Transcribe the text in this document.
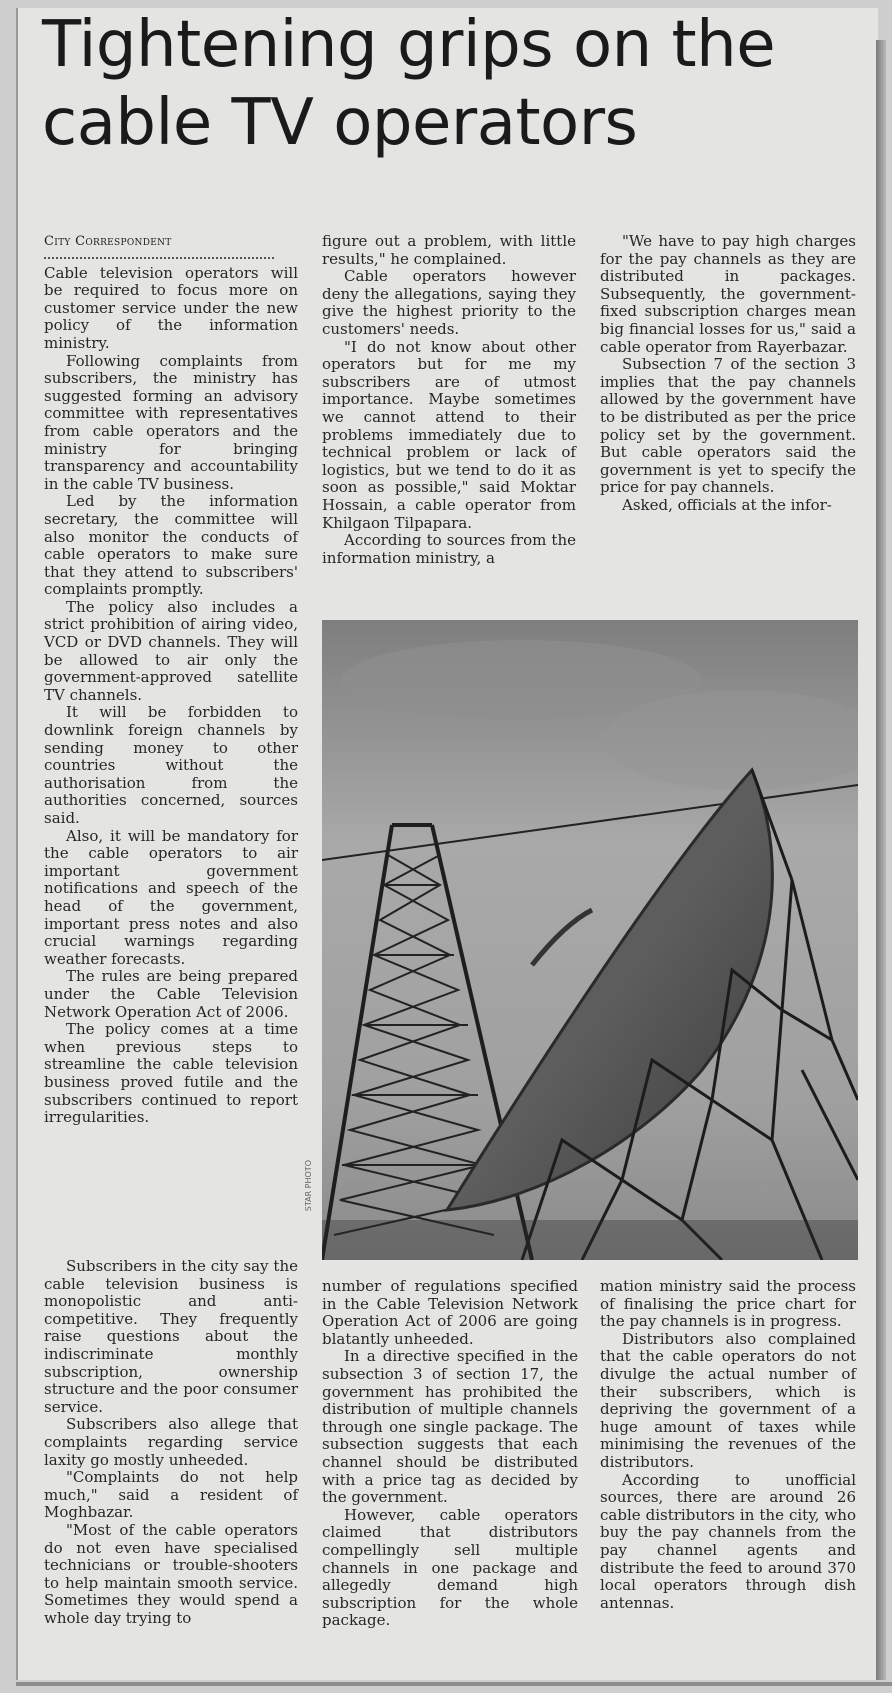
Tightening grips on the cable TV operators
City Correspondent

Cable television operators will be required to focus more on customer service under the new policy of the information ministry.

Following complaints from subscribers, the ministry has suggested forming an advisory committee with representatives from cable operators and the ministry for bringing transparency and accountability in the cable TV business.

Led by the information secretary, the committee will also monitor the conducts of cable operators to make sure that they attend to subscribers' complaints promptly.

The policy also includes a strict prohibition of airing video, VCD or DVD channels. They will be allowed to air only the government-approved satellite TV channels.

It will be forbidden to downlink foreign channels by sending money to other countries without the authorisation from the authorities concerned, sources said.

Also, it will be mandatory for the cable operators to air important government notifications and speech of the head of the government, important press notes and also crucial warnings regarding weather forecasts.

The rules are being prepared under the Cable Television Network Operation Act of 2006.

The policy comes at a time when previous steps to streamline the cable television business proved futile and the subscribers continued to report irregularities.

Subscribers in the city say the cable television business is monopolistic and anti-competitive. They frequently raise questions about the indiscriminate monthly subscription, ownership structure and the poor consumer service.

Subscribers also allege that complaints regarding service laxity go mostly unheeded.

"Complaints do not help much," said a resident of Moghbazar.

"Most of the cable operators do not even have specialised technicians or trouble-shooters to help maintain smooth service. Sometimes they would spend a whole day trying to

figure out a problem, with little results," he complained.

Cable operators however deny the allegations, saying they give the highest priority to the customers' needs.

"I do not know about other operators but for me my subscribers are of utmost importance. Maybe sometimes we cannot attend to their problems immediately due to technical problem or lack of logistics, but we tend to do it as soon as possible," said Moktar Hossain, a cable operator from Khilgaon Tilpapara.

According to sources from the information ministry, a

"We have to pay high charges for the pay channels as they are distributed in packages. Subsequently, the government-fixed subscription charges mean big financial losses for us," said a cable operator from Rayerbazar.

Subsection 7 of the section 3 implies that the pay channels allowed by the government have to be distributed as per the price policy set by the government. But cable operators said the government is yet to specify the price for pay channels.

Asked, officials at the infor-

STAR PHOTO

number of regulations specified in the Cable Television Network Operation Act of 2006 are going blatantly unheeded.

In a directive specified in the subsection 3 of section 17, the government has prohibited the distribution of multiple channels through one single package. The subsection suggests that each channel should be distributed with a price tag as decided by the government.

However, cable operators claimed that distributors compellingly sell multiple channels in one package and allegedly demand high subscription for the whole package.

mation ministry said the process of finalising the price chart for the pay channels is in progress.

Distributors also complained that the cable operators do not divulge the actual number of their subscribers, which is depriving the government of a huge amount of taxes while minimising the revenues of the distributors.

According to unofficial sources, there are around 26 cable distributors in the city, who buy the pay channels from the pay channel agents and distribute the feed to around 370 local operators through dish antennas.
